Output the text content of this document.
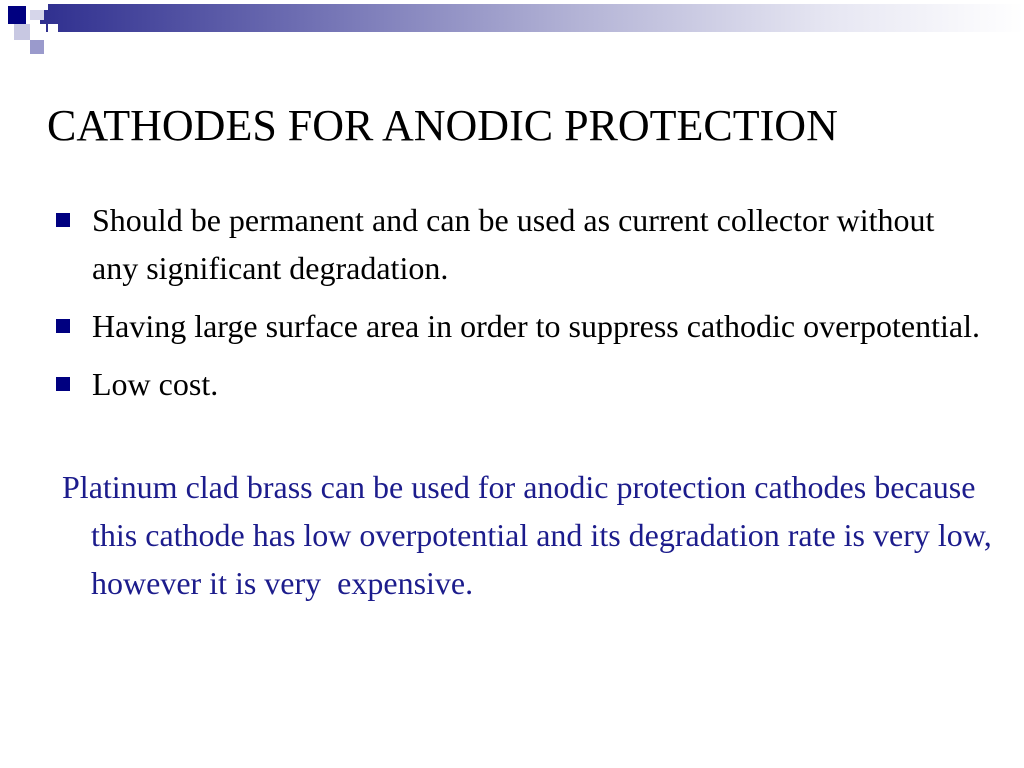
CATHODES FOR ANODIC PROTECTION
Should be permanent and can be used as current collector without any significant degradation.
Having large surface area in order to suppress cathodic overpotential.
Low cost.

Platinum clad brass can be used for anodic protection cathodes because this cathode has low overpotential and its degradation rate is very low, however it is very  expensive.
